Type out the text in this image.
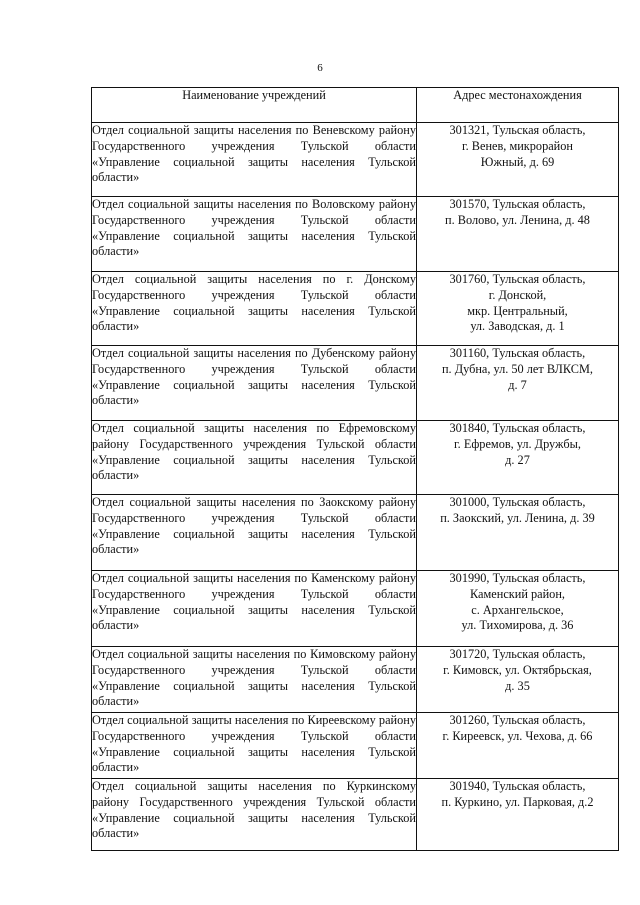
6
Наименование учреждений	Адрес местонахождения
Отдел социальной защиты населения по Веневскому району Государственного учреждения Тульской области «Управление социальной защиты населения Тульской области»	301321, Тульская область,
г. Венев, микрорайон
Южный, д. 69

Отдел социальной защиты населения по Воловскому району Государственного учреждения Тульской области «Управление социальной защиты населения Тульской области»	301570, Тульская область,
п. Волово, ул. Ленина, д. 48

Отдел социальной защиты населения по г. Донскому Государственного учреждения Тульской области «Управление социальной защиты населения Тульской области»	301760, Тульская область,
г. Донской,
мкр. Центральный,
ул. Заводская, д. 1

Отдел социальной защиты населения по Дубенскому району Государственного учреждения Тульской области «Управление социальной защиты населения Тульской области»	301160, Тульская область,
п. Дубна, ул. 50 лет ВЛКСМ,
д. 7

Отдел социальной защиты населения по Ефремовскому району Государственного учреждения Тульской области «Управление социальной защиты населения Тульской области»	301840, Тульская область,
г. Ефремов, ул. Дружбы,
д. 27

Отдел социальной защиты населения по Заокскому району Государственного учреждения Тульской области «Управление социальной защиты населения Тульской области»	301000, Тульская область,
п. Заокский, ул. Ленина, д. 39

Отдел социальной защиты населения по Каменскому району Государственного учреждения Тульской области «Управление социальной защиты населения Тульской области»	301990, Тульская область,
Каменский район,
с. Архангельское,
ул. Тихомирова, д. 36

Отдел социальной защиты населения по Кимовскому району Государственного учреждения Тульской области «Управление социальной защиты населения Тульской области»	301720, Тульская область,
г. Кимовск, ул. Октябрьская,
д. 35

Отдел социальной защиты населения по Киреевскому району Государственного учреждения Тульской области «Управление социальной защиты населения Тульской области»	301260, Тульская область,
г. Киреевск, ул. Чехова, д. 66

Отдел социальной защиты населения по Куркинскому району Государственного учреждения Тульской области «Управление социальной защиты населения Тульской области»	301940, Тульская область,
п. Куркино, ул. Парковая, д.2
